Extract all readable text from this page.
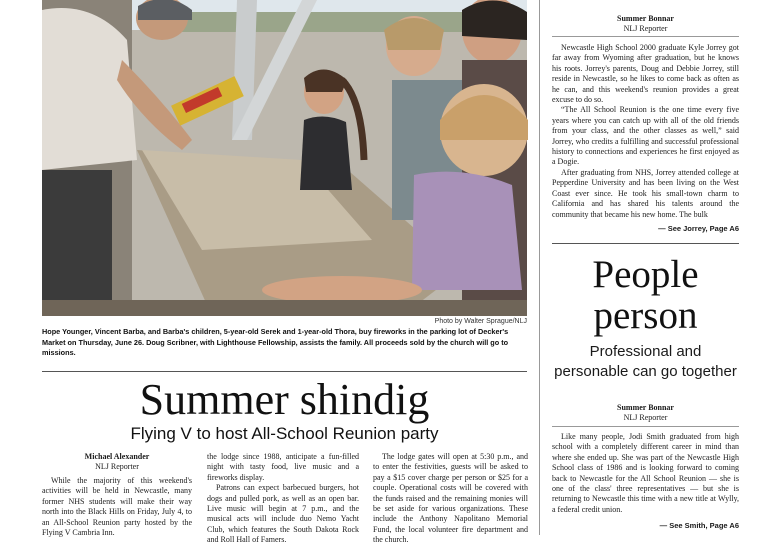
Photo by Walter Sprague/NLJ
Hope Younger, Vincent Barba, and Barba's children, 5-year-old Serek and 1-year-old Thora, buy fireworks in the parking lot of Decker's Market on Thursday, June 26. Doug Scribner, with Lighthouse Fellowship, assists the family. All proceeds sold by the church will go to missions.
Summer shindig
Flying V to host All-School Reunion party
Michael Alexander
NLJ Reporter

While the majority of this weekend's activities will be held in Newcastle, many former NHS students will make their way north into the Black Hills on Friday, July 4, to an All-School Reunion party hosted by the Flying V Cambria Inn.

the lodge since 1988, anticipate a fun-filled night with tasty food, live music and a fireworks display.

Patrons can expect barbecued burgers, hot dogs and pulled pork, as well as an open bar. Live music will begin at 7 p.m., and the musical acts will include duo Nemo Yacht Club, which features the South Dakota Rock and Roll Hall of Famers.

The lodge gates will open at 5:30 p.m., and to enter the festivities, guests will be asked to pay a $15 cover charge per person or $25 for a couple. Operational costs will be covered with the funds raised and the remaining monies will be set aside for various organizations. These include the Anthony Napolitano Memorial Fund, the local volunteer fire department and the church.

Summer Bonnar
NLJ Reporter

Newcastle High School 2000 graduate Kyle Jorrey got far away from Wyoming after graduation, but he knows his roots. Jorrey's parents, Doug and Debbie Jorrey, still reside in Newcastle, so he likes to come back as often as he can, and this weekend's reunion provides a great excuse to do so.

“The All School Reunion is the one time every five years where you can catch up with all of the old friends from your class, and the other classes as well,” said Jorrey, who credits a fulfilling and successful professional history to connections and experiences he first enjoyed as a Dogie.

After graduating from NHS, Jorrey attended college at Pepperdine University and has been living on the West Coast ever since. He took his small-town charm to California and has shared his talents around the community that became his new home. The bulk

— See Jorrey, Page A6
People person
Professional and personable can go together
Summer Bonnar
NLJ Reporter

Like many people, Jodi Smith graduated from high school with a completely different career in mind than where she ended up. She was part of the Newcastle High School class of 1986 and is looking forward to coming back to Newcastle for the All School Reunion — she is one of the class' three representatives — but she is returning to Newcastle this time with a new title at Wylly, a federal credit union.

— See Smith, Page A6
